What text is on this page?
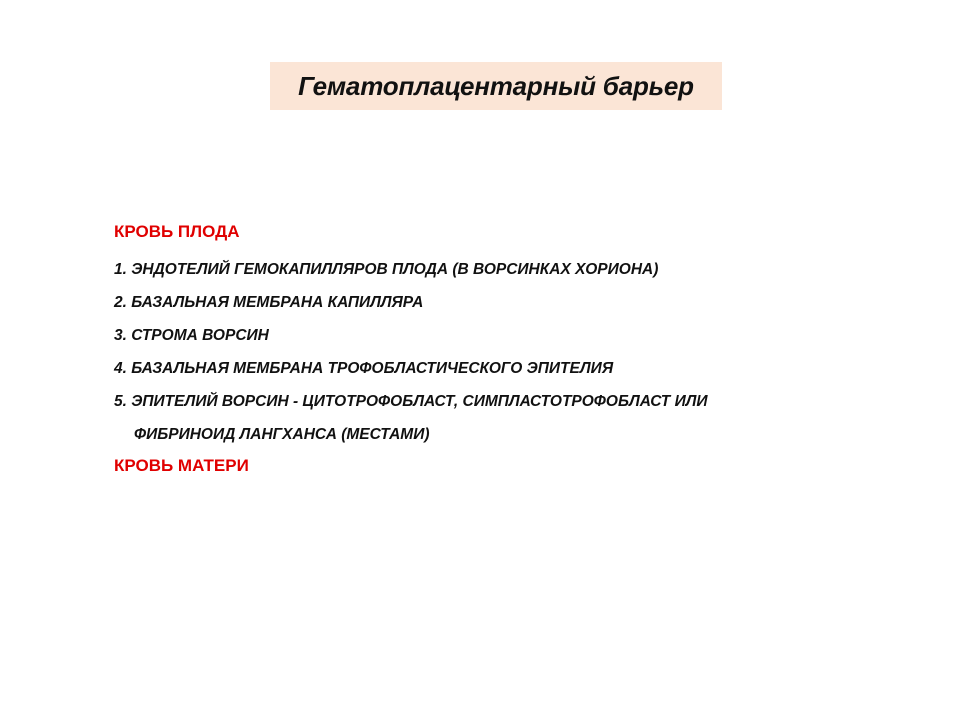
Гематоплацентарный барьер
КРОВЬ ПЛОДА
1. ЭНДОТЕЛИЙ ГЕМОКАПИЛЛЯРОВ ПЛОДА (В ВОРСИНКАХ ХОРИОНА)
2. БАЗАЛЬНАЯ МЕМБРАНА КАПИЛЛЯРА
3. СТРОМА ВОРСИН
4. БАЗАЛЬНАЯ МЕМБРАНА ТРОФОБЛАСТИЧЕСКОГО ЭПИТЕЛИЯ
5. ЭПИТЕЛИЙ ВОРСИН - ЦИТОТРОФОБЛАСТ, СИМПЛАСТОТРОФОБЛАСТ ИЛИ
ФИБРИНОИД ЛАНГХАНСА (МЕСТАМИ)
КРОВЬ МАТЕРИ
